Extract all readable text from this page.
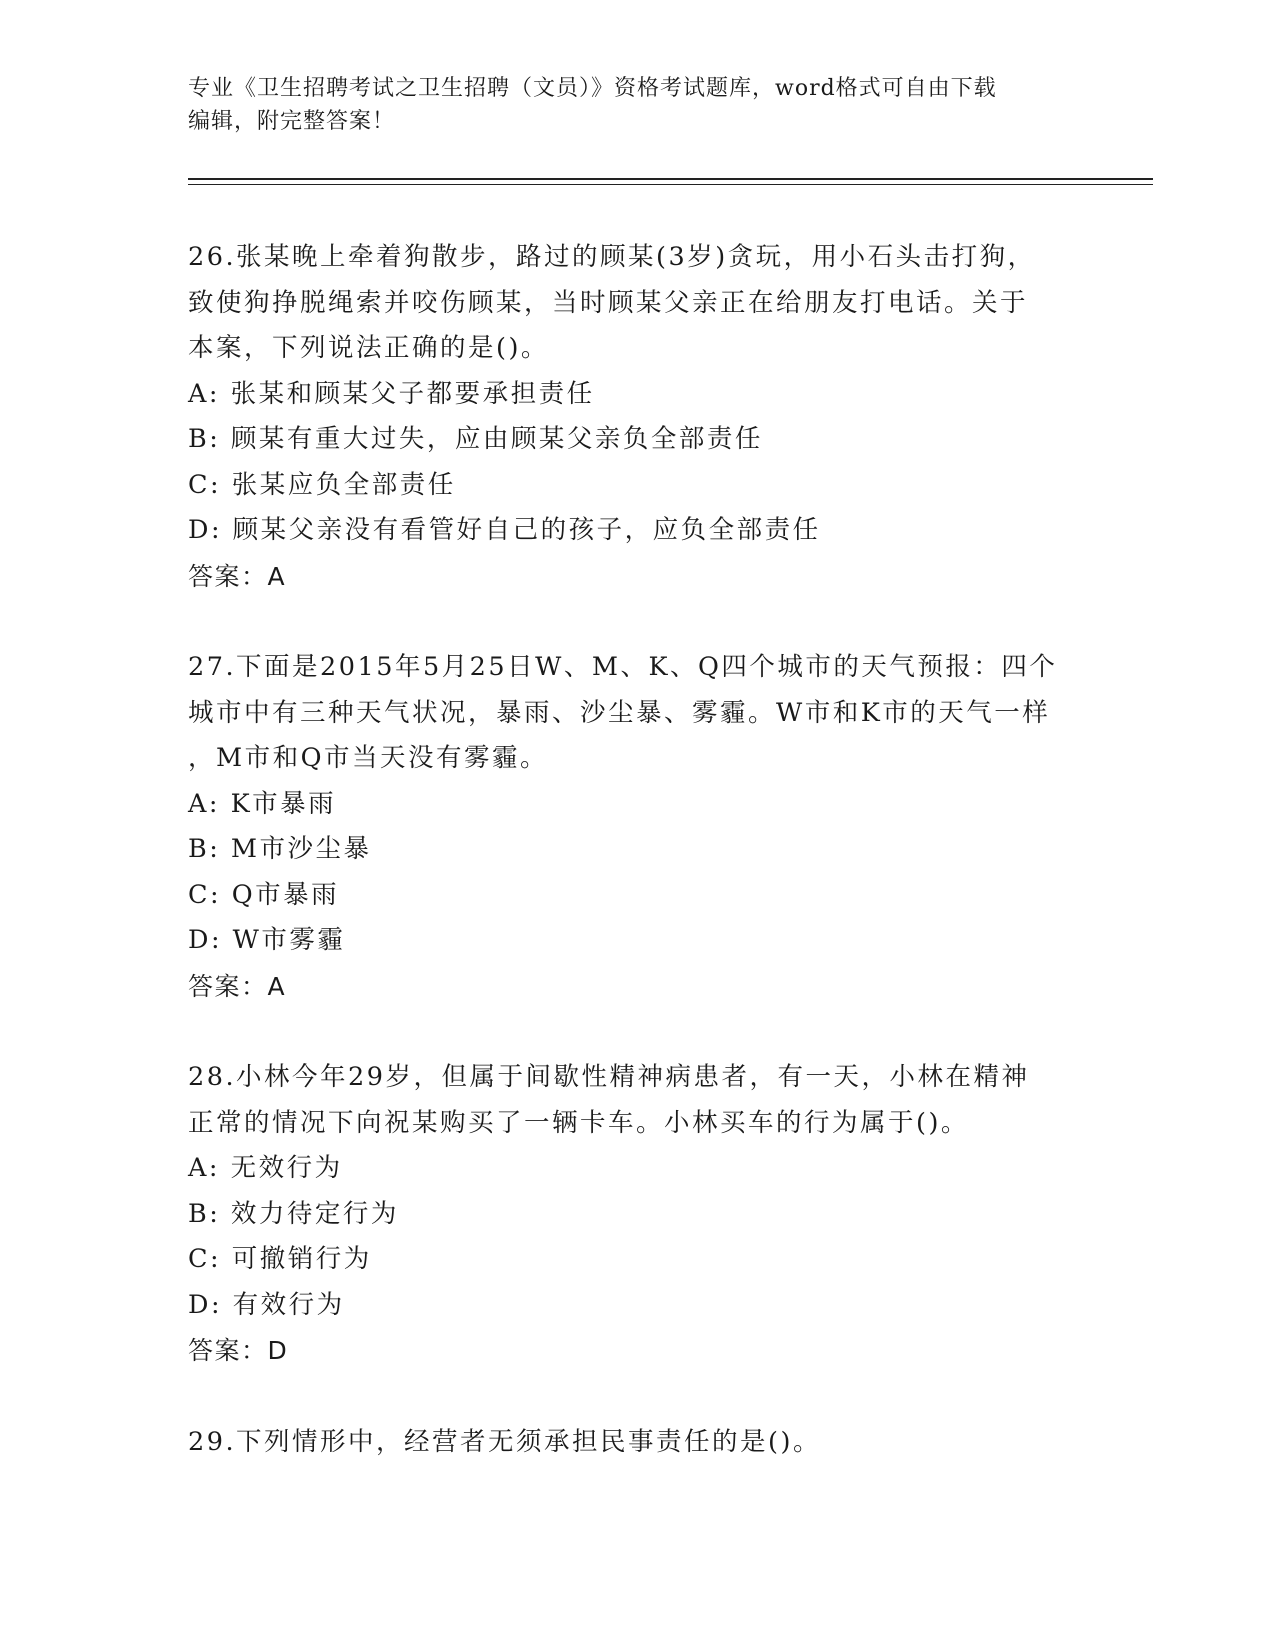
专业《卫生招聘考试之卫生招聘（文员）》资格考试题库，word格式可自由下载
编辑，附完整答案！

26.张某晚上牵着狗散步，路过的顾某(3岁)贪玩，用小石头击打狗，

致使狗挣脱绳索并咬伤顾某，当时顾某父亲正在给朋友打电话。关于

本案，下列说法正确的是()。

A: 张某和顾某父子都要承担责任

B: 顾某有重大过失，应由顾某父亲负全部责任

C: 张某应负全部责任

D: 顾某父亲没有看管好自己的孩子，应负全部责任

答案：A

27.下面是2015年5月25日W、M、K、Q四个城市的天气预报：四个

城市中有三种天气状况，暴雨、沙尘暴、雾霾。W市和K市的天气一样

，M市和Q市当天没有雾霾。

A: K市暴雨

B: M市沙尘暴

C: Q市暴雨

D: W市雾霾

答案：A

28.小林今年29岁，但属于间歇性精神病患者，有一天，小林在精神

正常的情况下向祝某购买了一辆卡车。小林买车的行为属于()。

A: 无效行为

B: 效力待定行为

C: 可撤销行为

D: 有效行为

答案：D

29.下列情形中，经营者无须承担民事责任的是()。
